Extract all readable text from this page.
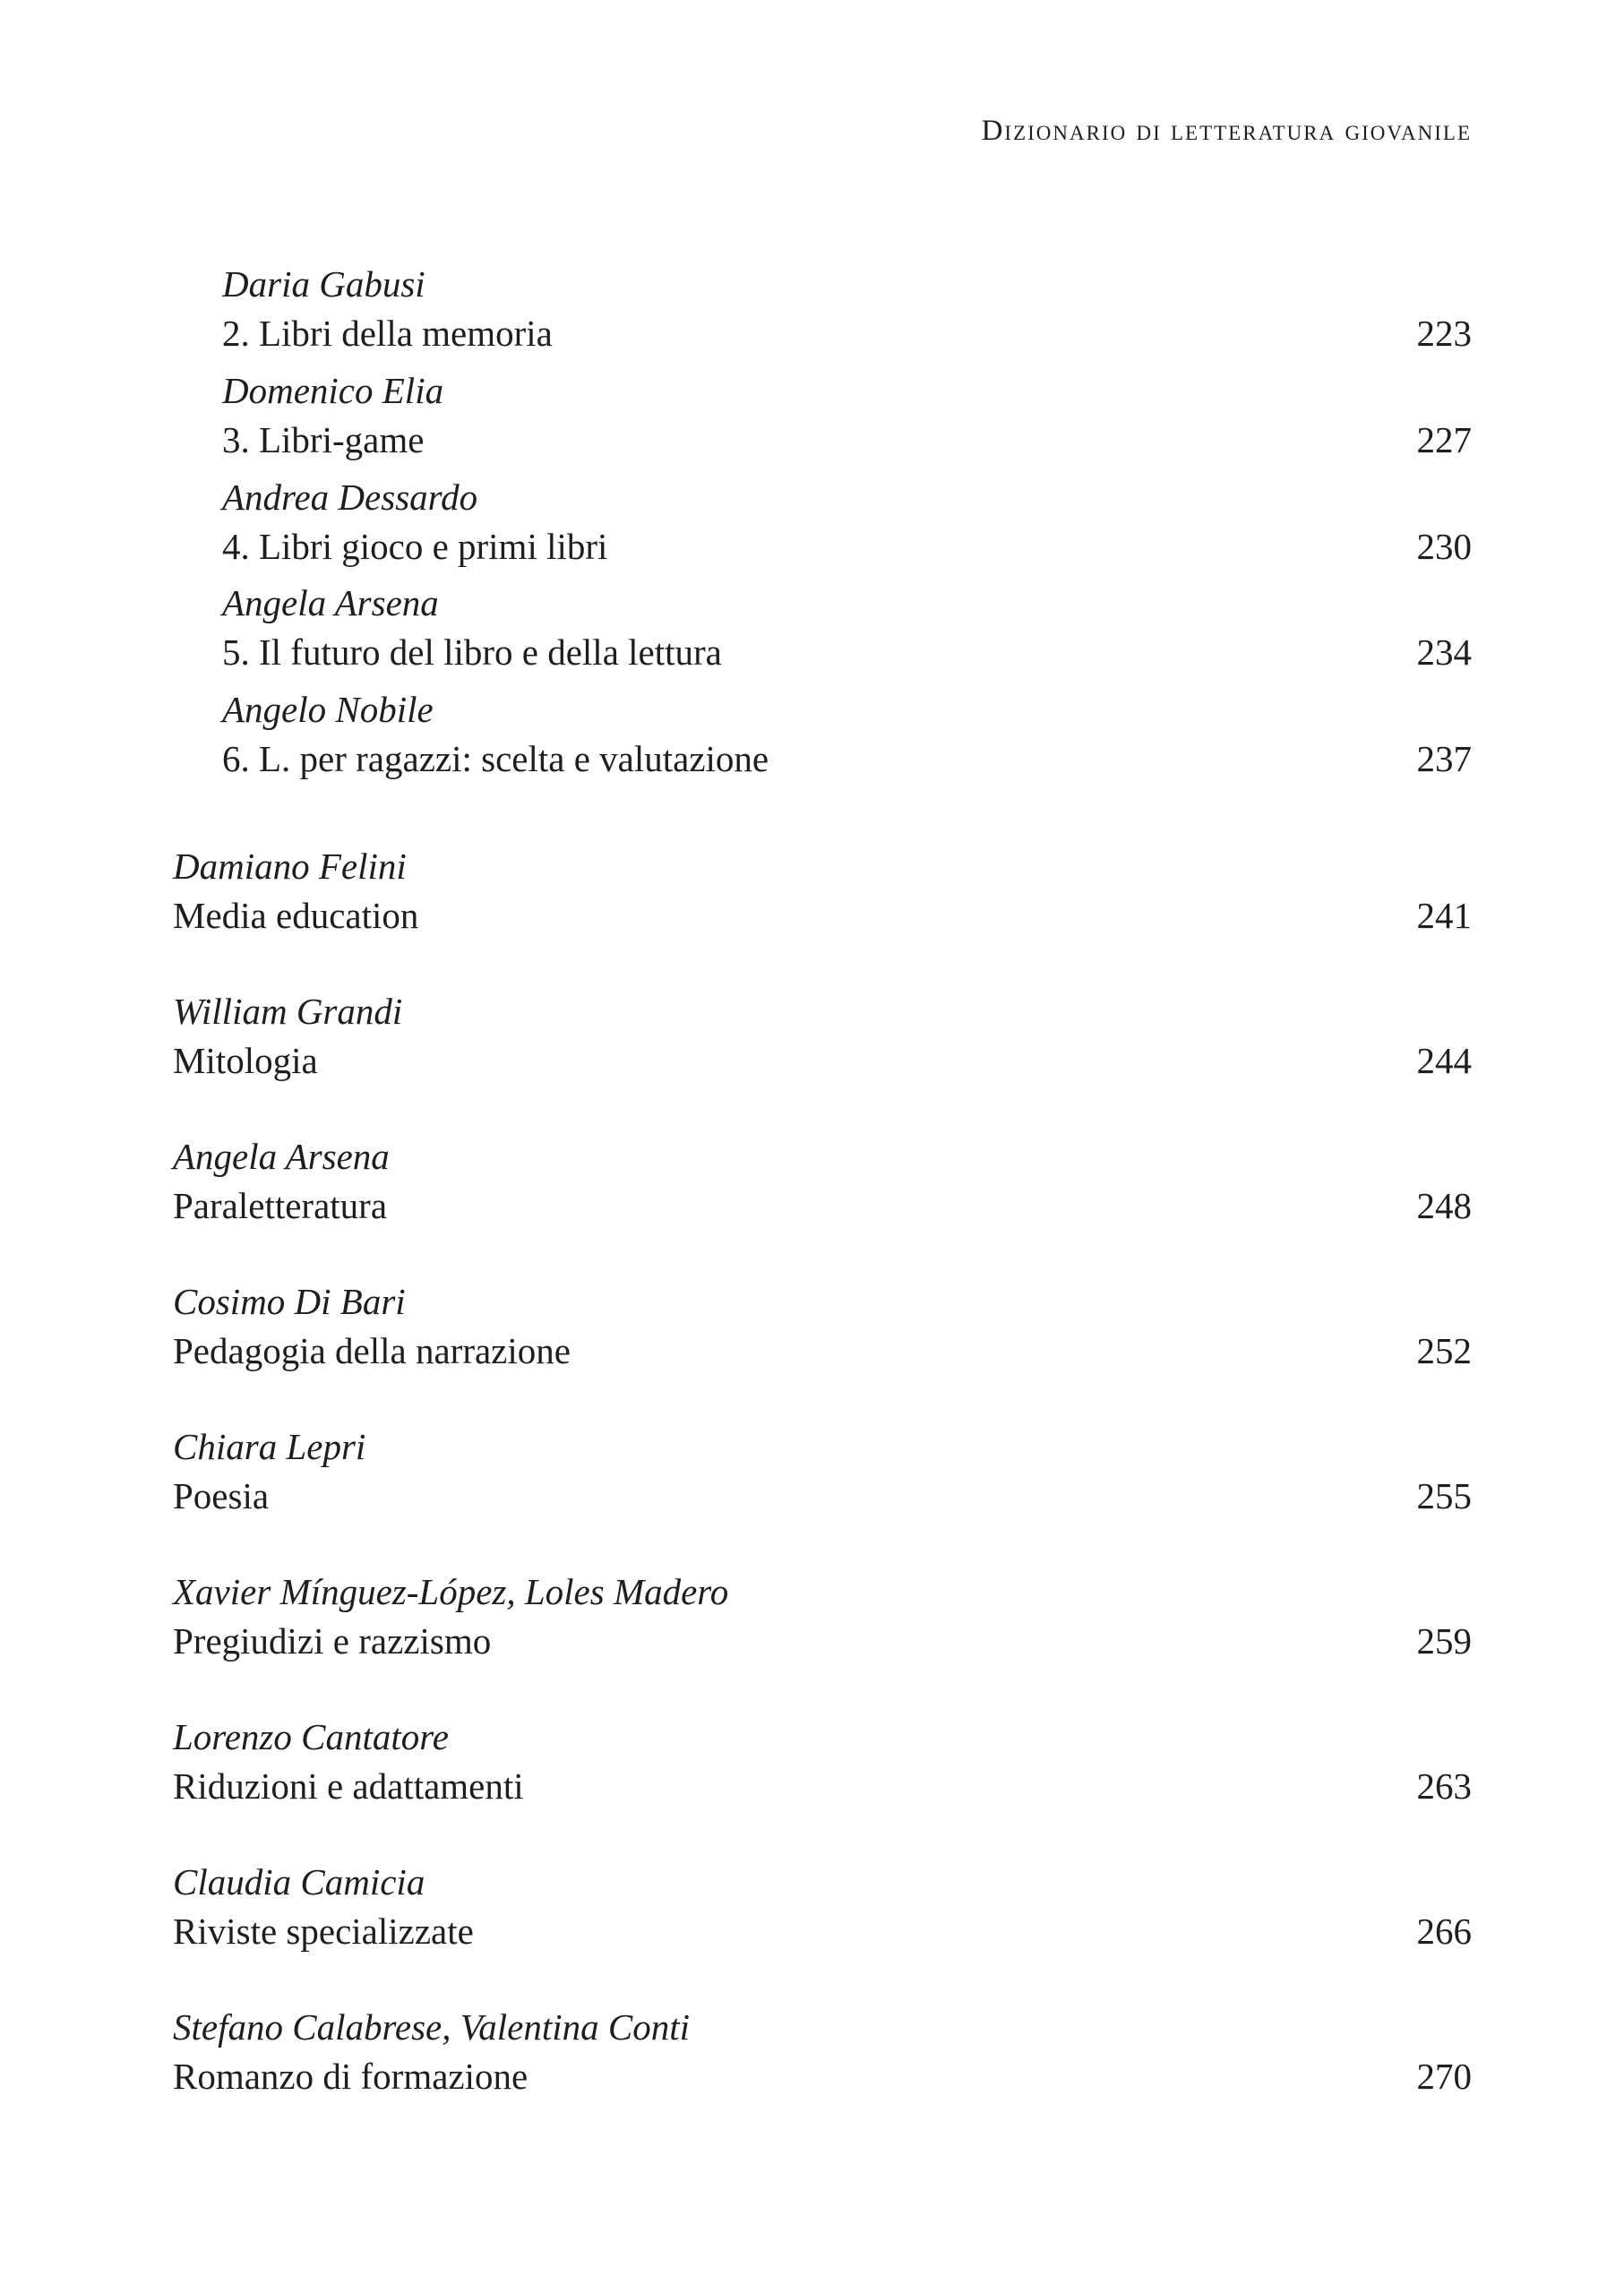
Dizionario di letteratura giovanile
Daria Gabusi
2. Libri della memoria	223
Domenico Elia
3. Libri-game	227
Andrea Dessardo
4. Libri gioco e primi libri	230
Angela Arsena
5. Il futuro del libro e della lettura	234
Angelo Nobile
6. L. per ragazzi: scelta e valutazione	237
Damiano Felini
Media education	241
William Grandi
Mitologia	244
Angela Arsena
Paraletteratura	248
Cosimo Di Bari
Pedagogia della narrazione	252
Chiara Lepri
Poesia	255
Xavier Mínguez-López, Loles Madero
Pregiudizi e razzismo	259
Lorenzo Cantatore
Riduzioni e adattamenti	263
Claudia Camicia
Riviste specializzate	266
Stefano Calabrese, Valentina Conti
Romanzo di formazione	270
